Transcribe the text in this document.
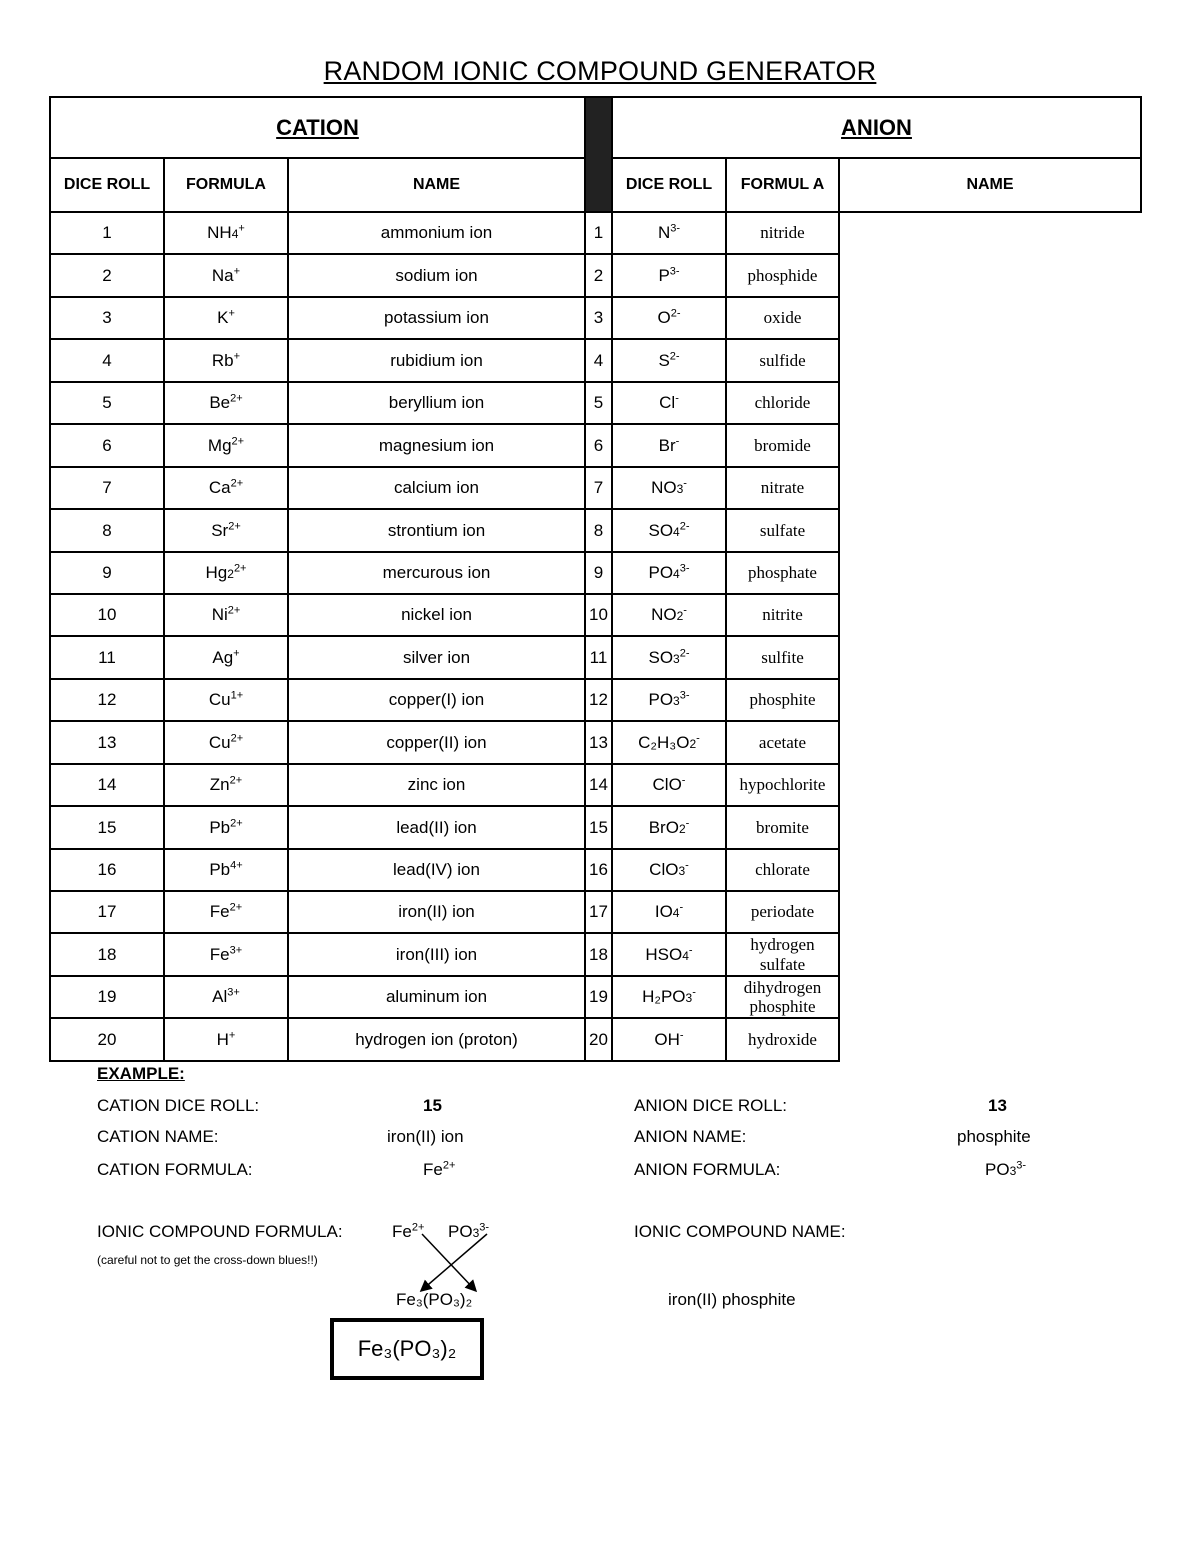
RANDOM IONIC COMPOUND GENERATOR
CATION				ANION		
DICE ROLL	FORMULA	NAME		DICE ROLL	FORMUL A	NAME
1	NH4+	ammonium ion	1	$N^{3-}$	nitride	
2	Na+	sodium ion	2	$P^{3-}$	phosphide	
3	K+	potassium ion	3	$O^{2-}$	oxide	
4	Rb+	rubidium ion	4	$S^{2-}$	sulfide	
5	$Be^{2+}$	beryllium ion	5	Cl-	chloride	
6	$Mg^{2+}$	magnesium ion	6	Br-	bromide	
7	$Ca^{2+}$	calcium ion	7	NO3-	nitrate	
8	$Sr^{2+}$	strontium ion	8	$SO4^{2-}$	sulfate	
9	$Hg2^{2+}$	mercurous ion	9	$PO4^{3-}$	phosphate	
10	$Ni^{2+}$	nickel ion	10	NO2-	nitrite	
11	Ag+	silver ion	11	$SO3^{2-}$	sulfite	
12	$Cu^{1+}$	copper(I) ion	12	$PO3^{3-}$	phosphite	
13	$Cu^{2+}$	copper(II) ion	13	C₂H₃O2-	acetate	
14	$Zn^{2+}$	zinc ion	14	ClO-	hypochlorite	
15	$Pb^{2+}$	lead(II) ion	15	BrO2-	bromite	
16	$Pb^{4+}$	lead(IV) ion	16	ClO3-	chlorate	
17	$Fe^{2+}$	iron(II) ion	17	IO4-	periodate	
18	$Fe^{3+}$	iron(III) ion	18	HSO4-	hydrogen sulfate	
19	$Al^{3+}$	aluminum ion	19	H₂PO3-	dihydrogen phosphite	
20	H+	hydrogen ion (proton)	20	OH-	hydroxide	
EXAMPLE:
CATION DICE ROLL:	15
CATION NAME:	iron(II) ion
CATION FORMULA:	$Fe^{2+}$
ANION DICE ROLL:	13
ANION NAME:	phosphite
ANION FORMULA:	$PO3^{3-}$
IONIC COMPOUND FORMULA:
(careful not to get the cross-down blues!!)
$Fe^{2+}$ $PO3^{3-}$
Fe₃(PO₃)₂
IONIC COMPOUND NAME:
iron(II) phosphite
Fe₃(PO₃)₂
